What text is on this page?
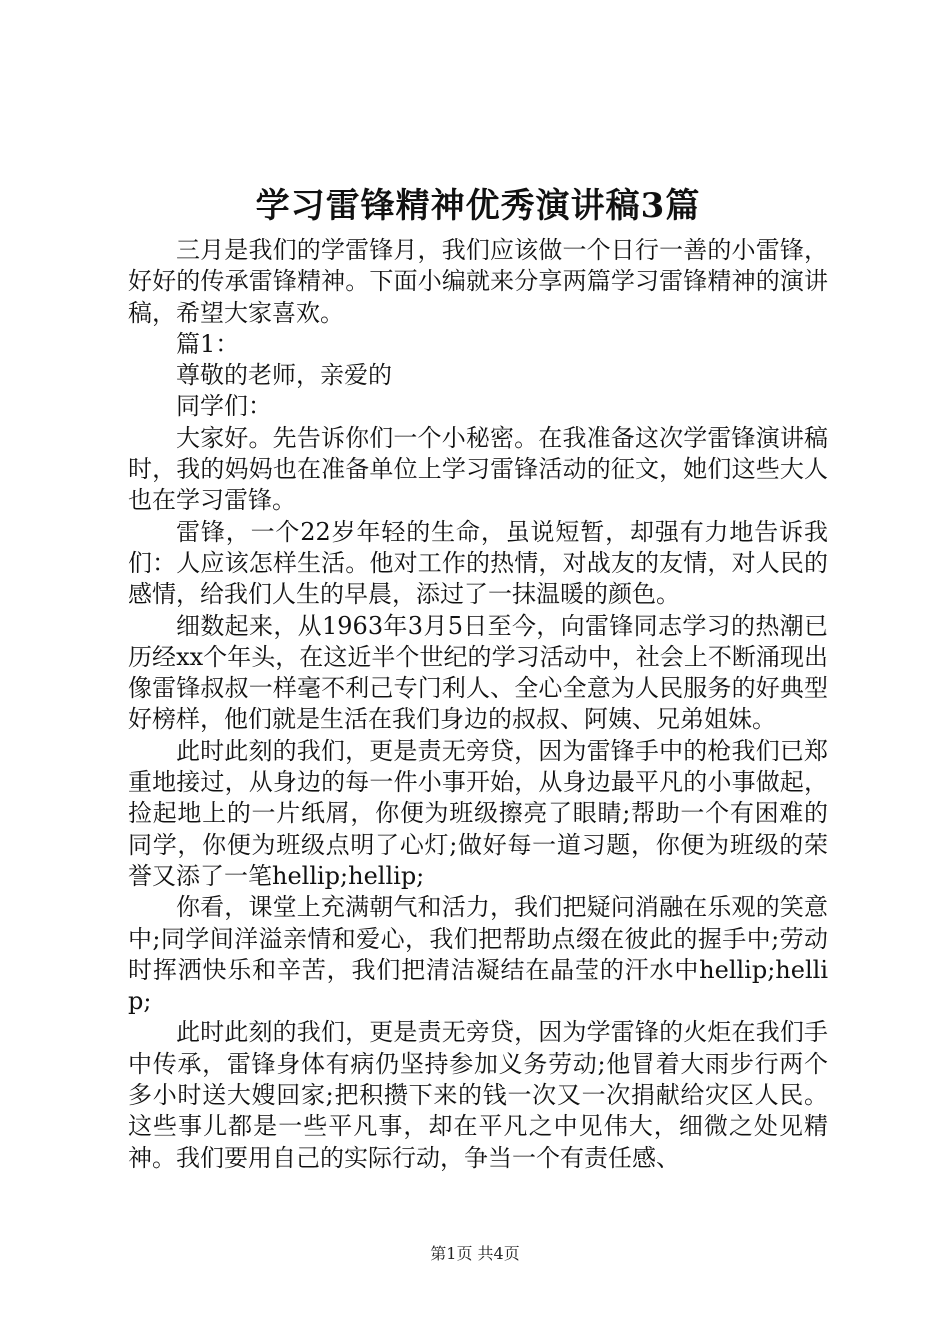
学习雷锋精神优秀演讲稿3篇

三月是我们的学雷锋月，我们应该做一个日行一善的小雷锋，好好的传承雷锋精神。下面小编就来分享两篇学习雷锋精神的演讲稿，希望大家喜欢。

篇1：

尊敬的老师，亲爱的

同学们：

大家好。先告诉你们一个小秘密。在我准备这次学雷锋演讲稿时，我的妈妈也在准备单位上学习雷锋活动的征文，她们这些大人也在学习雷锋。

雷锋，一个22岁年轻的生命，虽说短暂，却强有力地告诉我们：人应该怎样生活。他对工作的热情，对战友的友情，对人民的感情，给我们人生的早晨，添过了一抹温暖的颜色。

细数起来，从1963年3月5日至今，向雷锋同志学习的热潮已历经xx个年头，在这近半个世纪的学习活动中，社会上不断涌现出像雷锋叔叔一样毫不利己专门利人、全心全意为人民服务的好典型好榜样，他们就是生活在我们身边的叔叔、阿姨、兄弟姐妹。

此时此刻的我们，更是责无旁贷，因为雷锋手中的枪我们已郑重地接过，从身边的每一件小事开始，从身边最平凡的小事做起，捡起地上的一片纸屑，你便为班级擦亮了眼睛;帮助一个有困难的同学，你便为班级点明了心灯;做好每一道习题，你便为班级的荣誉又添了一笔hellip;hellip;

你看，课堂上充满朝气和活力，我们把疑问消融在乐观的笑意中;同学间洋溢亲情和爱心，我们把帮助点缀在彼此的握手中;劳动时挥洒快乐和辛苦，我们把清洁凝结在晶莹的汗水中hellip;hellip;

此时此刻的我们，更是责无旁贷，因为学雷锋的火炬在我们手中传承，雷锋身体有病仍坚持参加义务劳动;他冒着大雨步行两个多小时送大嫂回家;把积攒下来的钱一次又一次捐献给灾区人民。这些事儿都是一些平凡事，却在平凡之中见伟大，细微之处见精神。我们要用自己的实际行动，争当一个有责任感、

第1页 共4页
